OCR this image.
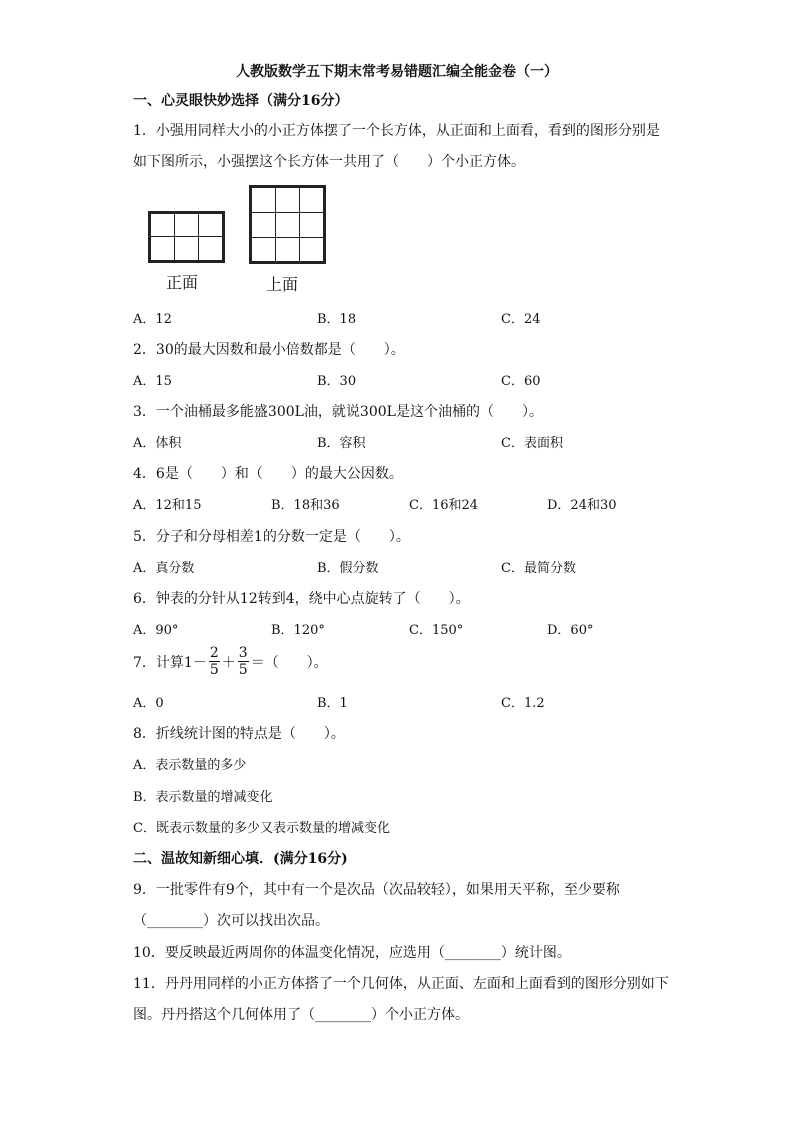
人教版数学五下期末常考易错题汇编全能金卷（一）
一、心灵眼快妙选择（满分16分）
1．小强用同样大小的小正方体摆了一个长方体，从正面和上面看，看到的图形分别是
如下图所示，小强摆这个长方体一共用了（　　）个小正方体。
正面	上面
A．12	B．18	C．24
2．30的最大因数和最小倍数都是（　　）。
A．15	B．30	C．60
3．一个油桶最多能盛300L油，就说300L是这个油桶的（　　）。
A．体积	B．容积	C．表面积
4．6是（　　）和（　　）的最大公因数。
A．12和15	B．18和36	C．16和24	D．24和30
5．分子和分母相差1的分数一定是（　　）。
A．真分数	B．假分数	C．最简分数
6．钟表的分针从12转到4，绕中心点旋转了（　　）。
A．90°	B．120°	C．150°	D．60°
7．计算$1- \frac{2}{5} + \frac{3}{5}$ ＝（　　）。
A．0	B．1	C．1.2
8．折线统计图的特点是（　　）。
A．表示数量的多少
B．表示数量的增减变化
C．既表示数量的多少又表示数量的增减变化
二、温故知新细心填．(满分16分)
9．一批零件有9个，其中有一个是次品（次品较轻），如果用天平称，至少要称
（________）次可以找出次品。
10．要反映最近两周你的体温变化情况，应选用（________）统计图。
11．丹丹用同样的小正方体搭了一个几何体，从正面、左面和上面看到的图形分别如下
图。丹丹搭这个几何体用了（________）个小正方体。
